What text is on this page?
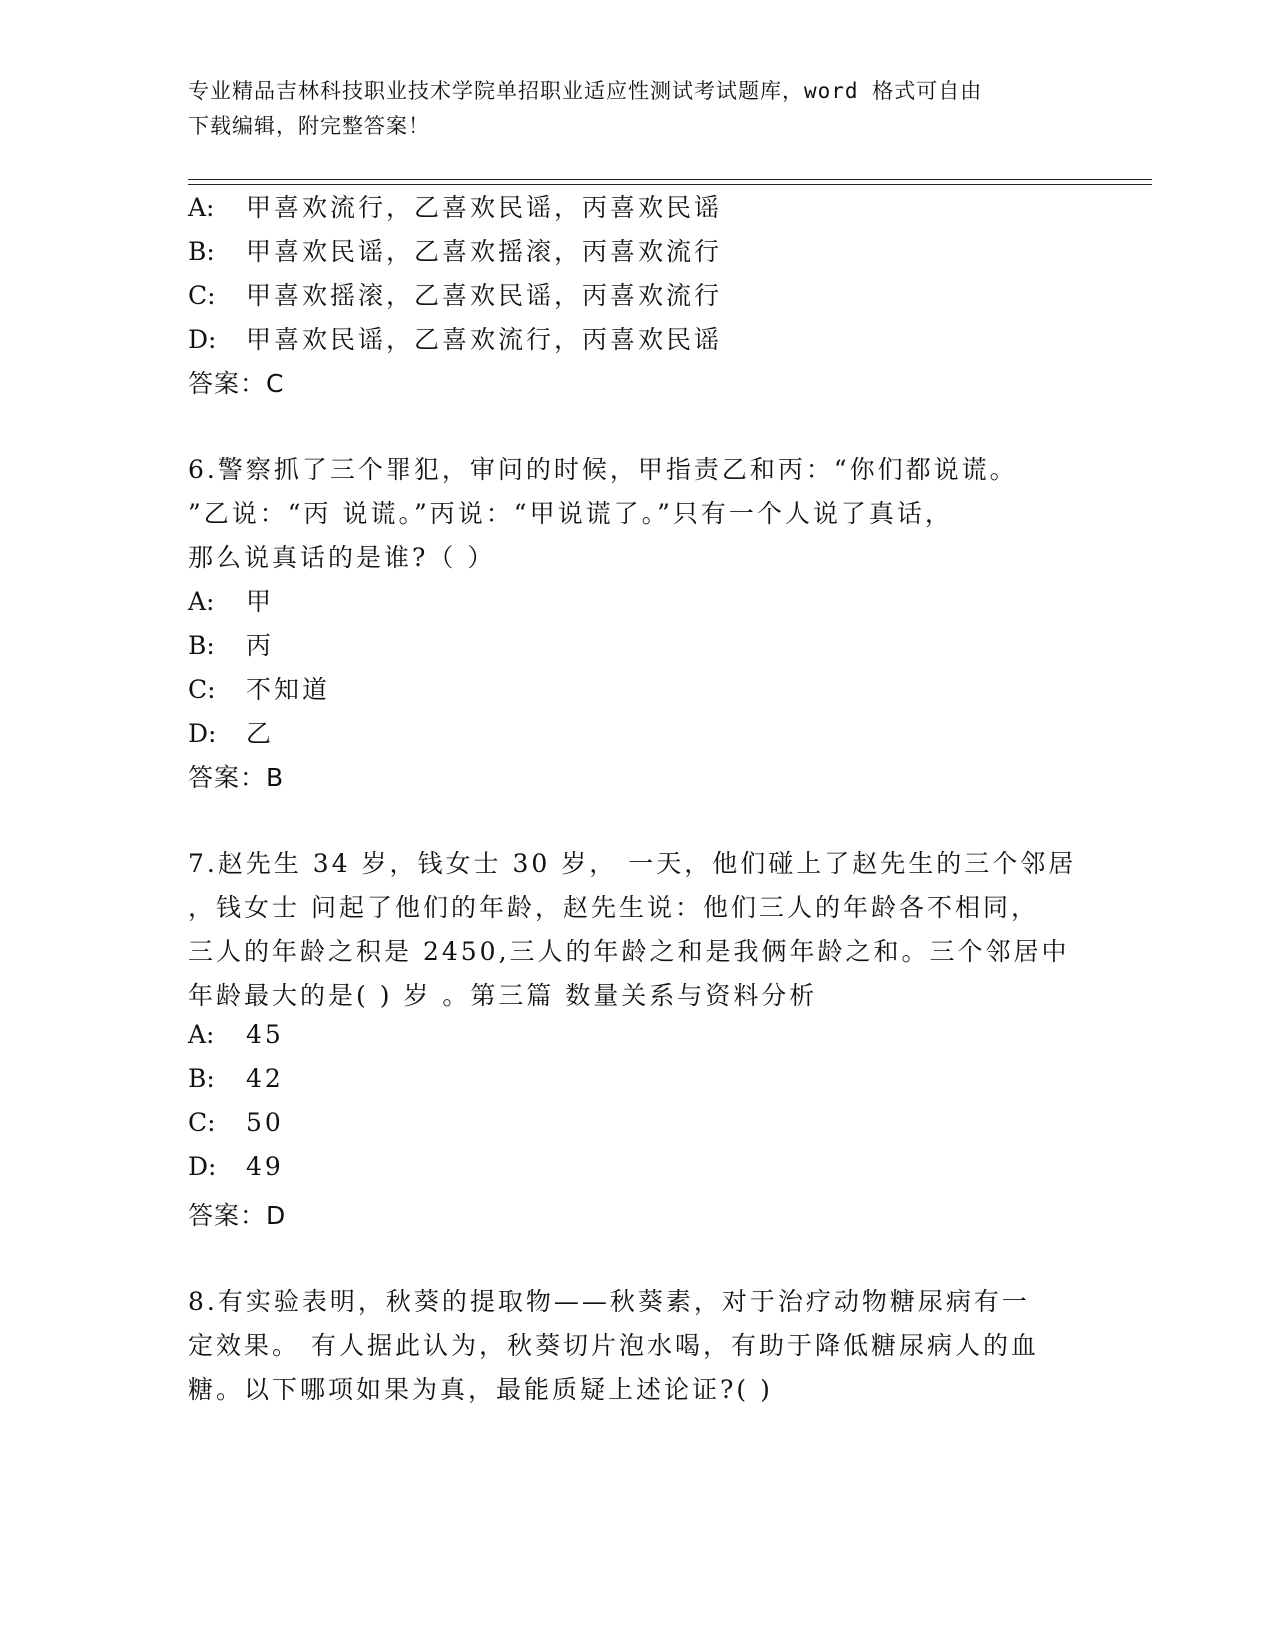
专业精品吉林科技职业技术学院单招职业适应性测试考试题库，word 格式可自由
下载编辑，附完整答案！
A: 甲喜欢流行，乙喜欢民谣，丙喜欢民谣
B: 甲喜欢民谣，乙喜欢摇滚，丙喜欢流行
C: 甲喜欢摇滚，乙喜欢民谣，丙喜欢流行
D: 甲喜欢民谣，乙喜欢流行，丙喜欢民谣
答案：C
6.警察抓了三个罪犯，审问的时候，甲指责乙和丙：“你们都说谎。
”乙说：“丙 说谎。”丙说：“甲说谎了。”只有一个人说了真话，
那么说真话的是谁?（ ）
A: 甲
B: 丙
C: 不知道
D: 乙
答案：B
7.赵先生 34 岁，钱女士 30 岁， 一天，他们碰上了赵先生的三个邻居
，钱女士 问起了他们的年龄，赵先生说：他们三人的年龄各不相同，
三人的年龄之积是 2450,三人的年龄之和是我俩年龄之和。三个邻居中
年龄最大的是( ) 岁 。第三篇 数量关系与资料分析
A: 45
B: 42
C: 50
D: 49
答案：D
8.有实验表明，秋葵的提取物——秋葵素，对于治疗动物糖尿病有一
定效果。 有人据此认为，秋葵切片泡水喝，有助于降低糖尿病人的血
糖。以下哪项如果为真，最能质疑上述论证?( )
